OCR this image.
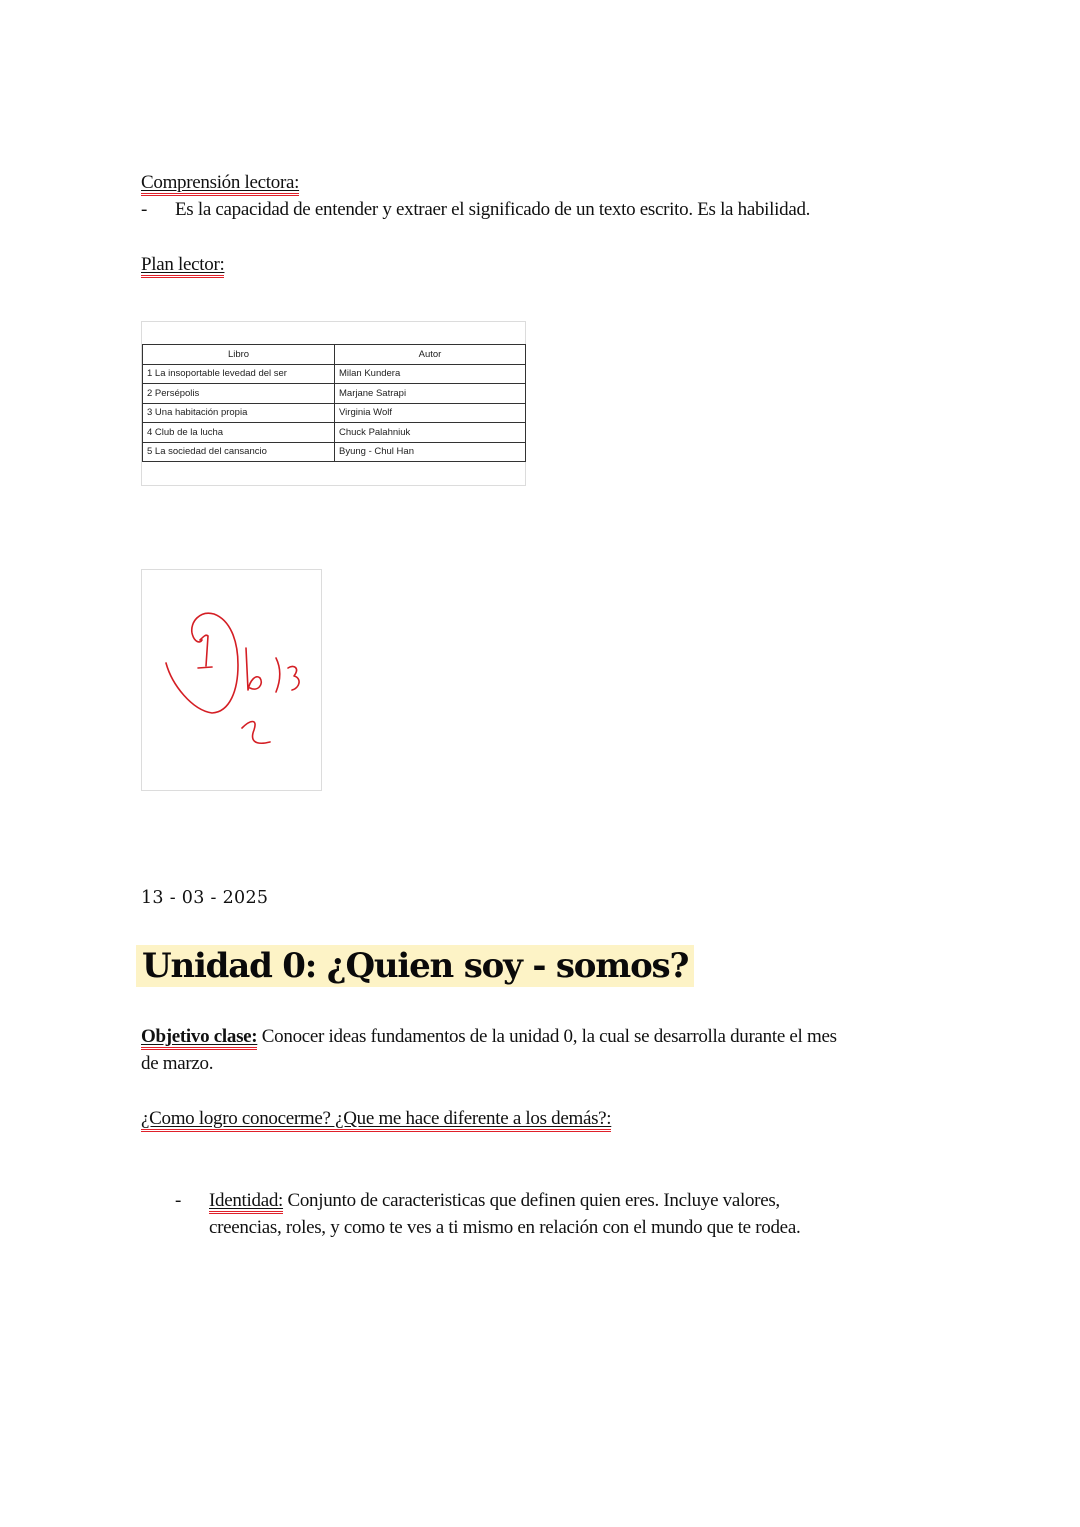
Comprensión lectora:
- Es la capacidad de entender y extraer el significado de un texto escrito. Es la habilidad.
Plan lector:
Libro	Autor
1 La insoportable levedad del ser	Milan Kundera
2 Persépolis	Marjane Satrapi
3 Una habitación propia	Virginia Wolf
4 Club de la lucha	Chuck Palahniuk
5 La sociedad del cansancio	Byung - Chul Han
13 - 03 - 2025
Unidad 0: ¿Quien soy - somos?
Objetivo clase: Conocer ideas fundamentos de la unidad 0, la cual se desarrolla durante el mes
de marzo.
¿Como logro conocerme? ¿Que me hace diferente a los demás?:
- Identidad: Conjunto de caracteristicas que definen quien eres. Incluye valores,
creencias, roles, y como te ves a ti mismo en relación con el mundo que te rodea.
